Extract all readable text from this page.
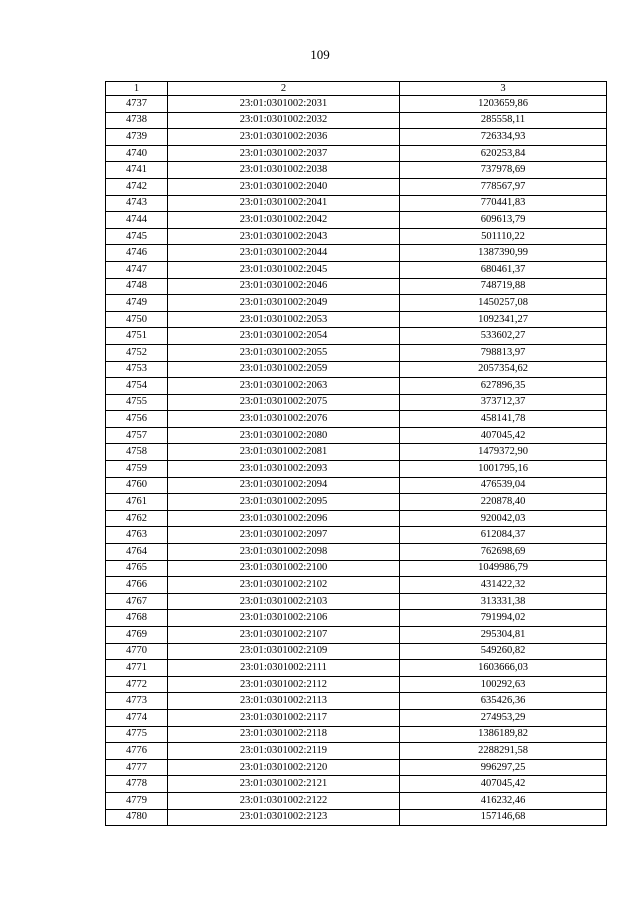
109
1	2	3
4737	23:01:0301002:2031	1203659,86
4738	23:01:0301002:2032	285558,11
4739	23:01:0301002:2036	726334,93
4740	23:01:0301002:2037	620253,84
4741	23:01:0301002:2038	737978,69
4742	23:01:0301002:2040	778567,97
4743	23:01:0301002:2041	770441,83
4744	23:01:0301002:2042	609613,79
4745	23:01:0301002:2043	501110,22
4746	23:01:0301002:2044	1387390,99
4747	23:01:0301002:2045	680461,37
4748	23:01:0301002:2046	748719,88
4749	23:01:0301002:2049	1450257,08
4750	23:01:0301002:2053	1092341,27
4751	23:01:0301002:2054	533602,27
4752	23:01:0301002:2055	798813,97
4753	23:01:0301002:2059	2057354,62
4754	23:01:0301002:2063	627896,35
4755	23:01:0301002:2075	373712,37
4756	23:01:0301002:2076	458141,78
4757	23:01:0301002:2080	407045,42
4758	23:01:0301002:2081	1479372,90
4759	23:01:0301002:2093	1001795,16
4760	23:01:0301002:2094	476539,04
4761	23:01:0301002:2095	220878,40
4762	23:01:0301002:2096	920042,03
4763	23:01:0301002:2097	612084,37
4764	23:01:0301002:2098	762698,69
4765	23:01:0301002:2100	1049986,79
4766	23:01:0301002:2102	431422,32
4767	23:01:0301002:2103	313331,38
4768	23:01:0301002:2106	791994,02
4769	23:01:0301002:2107	295304,81
4770	23:01:0301002:2109	549260,82
4771	23:01:0301002:2111	1603666,03
4772	23:01:0301002:2112	100292,63
4773	23:01:0301002:2113	635426,36
4774	23:01:0301002:2117	274953,29
4775	23:01:0301002:2118	1386189,82
4776	23:01:0301002:2119	2288291,58
4777	23:01:0301002:2120	996297,25
4778	23:01:0301002:2121	407045,42
4779	23:01:0301002:2122	416232,46
4780	23:01:0301002:2123	157146,68
